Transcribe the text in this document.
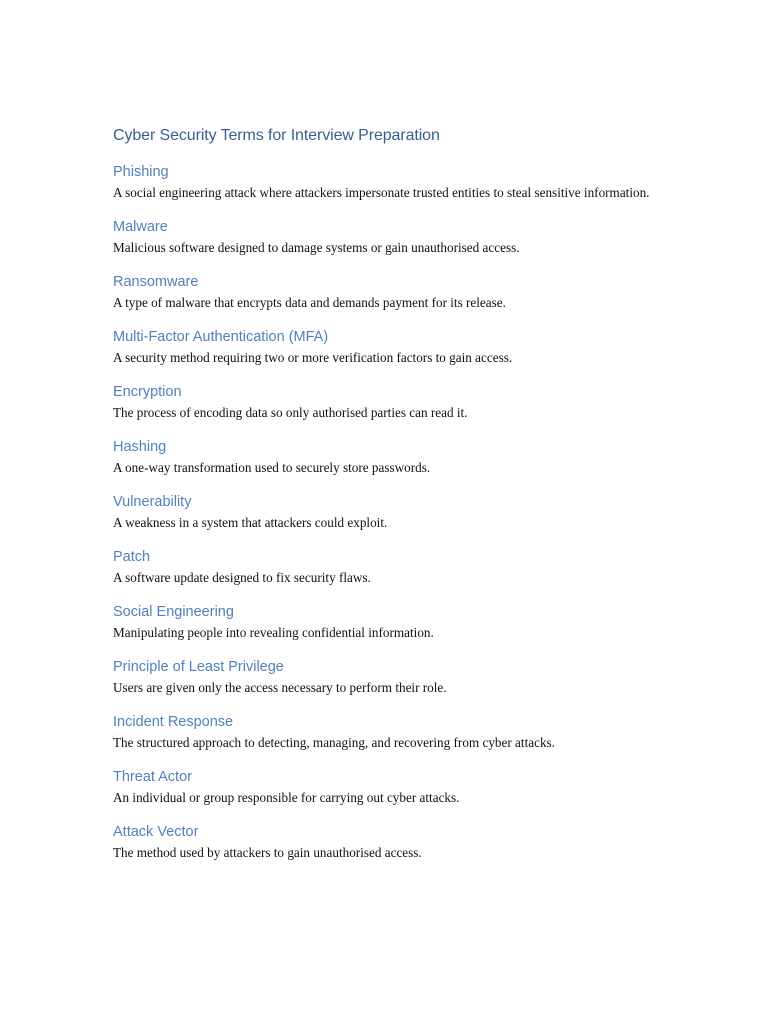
Cyber Security Terms for Interview Preparation
Phishing

A social engineering attack where attackers impersonate trusted entities to steal sensitive information.

Malware

Malicious software designed to damage systems or gain unauthorised access.

Ransomware

A type of malware that encrypts data and demands payment for its release.

Multi-Factor Authentication (MFA)

A security method requiring two or more verification factors to gain access.

Encryption

The process of encoding data so only authorised parties can read it.

Hashing

A one-way transformation used to securely store passwords.

Vulnerability

A weakness in a system that attackers could exploit.

Patch

A software update designed to fix security flaws.

Social Engineering

Manipulating people into revealing confidential information.

Principle of Least Privilege

Users are given only the access necessary to perform their role.

Incident Response

The structured approach to detecting, managing, and recovering from cyber attacks.

Threat Actor

An individual or group responsible for carrying out cyber attacks.

Attack Vector

The method used by attackers to gain unauthorised access.
